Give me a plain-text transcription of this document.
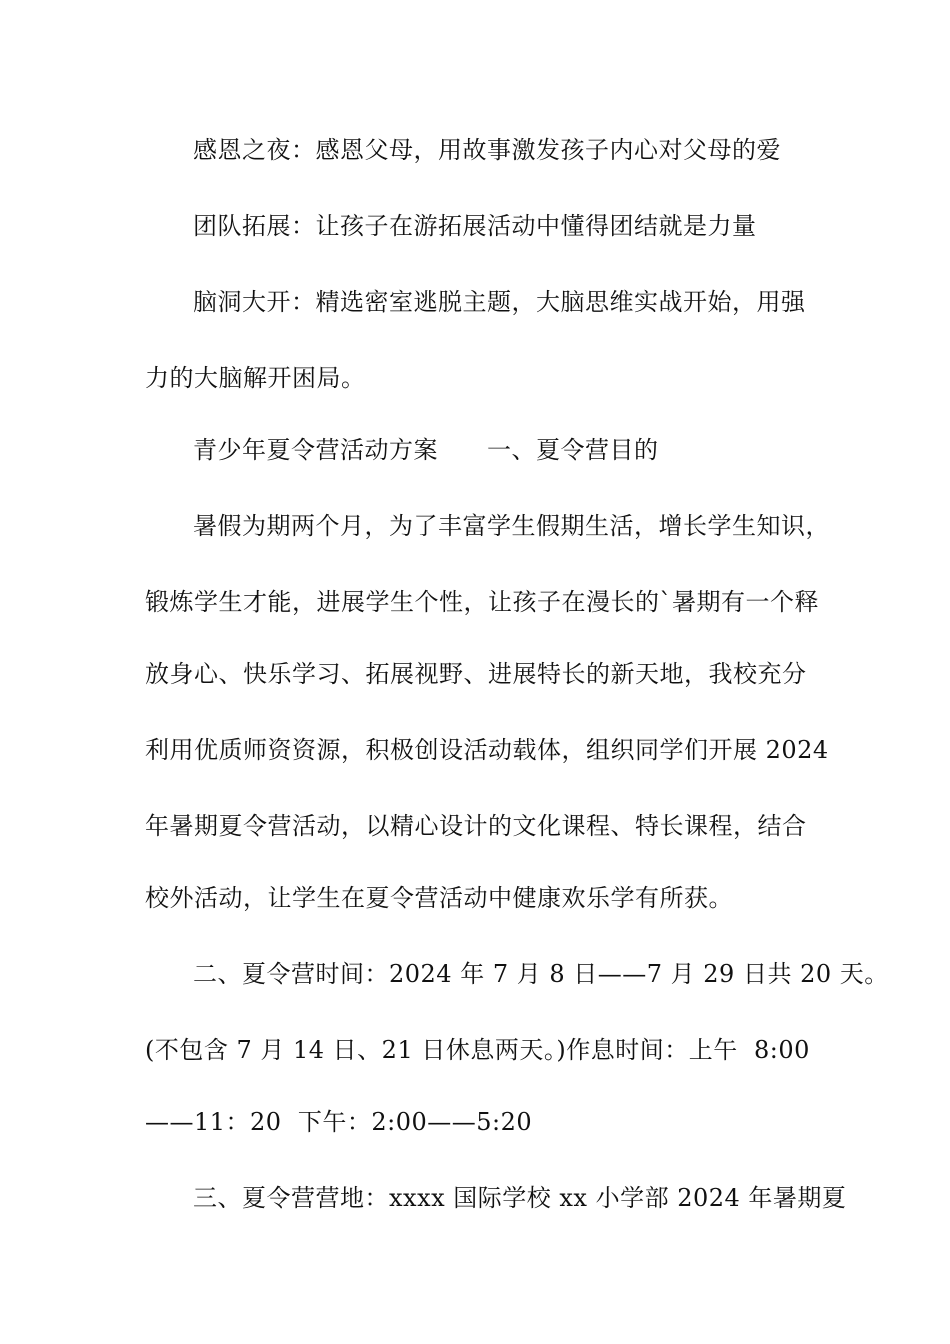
感恩之夜：感恩父母，用故事激发孩子内心对父母的爱
团队拓展：让孩子在游拓展活动中懂得团结就是力量
脑洞大开：精选密室逃脱主题，大脑思维实战开始，用强
力的大脑解开困局。
青少年夏令营活动方案　　一、夏令营目的
暑假为期两个月，为了丰富学生假期生活，增长学生知识，
锻炼学生才能，进展学生个性，让孩子在漫长的`暑期有一个释
放身心、快乐学习、拓展视野、进展特长的新天地，我校充分
利用优质师资资源，积极创设活动载体，组织同学们开展 2024
年暑期夏令营活动，以精心设计的文化课程、特长课程，结合
校外活动，让学生在夏令营活动中健康欢乐学有所获。
二、夏令营时间：2024 年 7 月 8 日——7 月 29 日共 20 天。
(不包含 7 月 14 日、21 日休息两天。)作息时间：上午  8:00
——11：20  下午：2:00——5:20
三、夏令营营地：xxxx 国际学校 xx 小学部 2024 年暑期夏
